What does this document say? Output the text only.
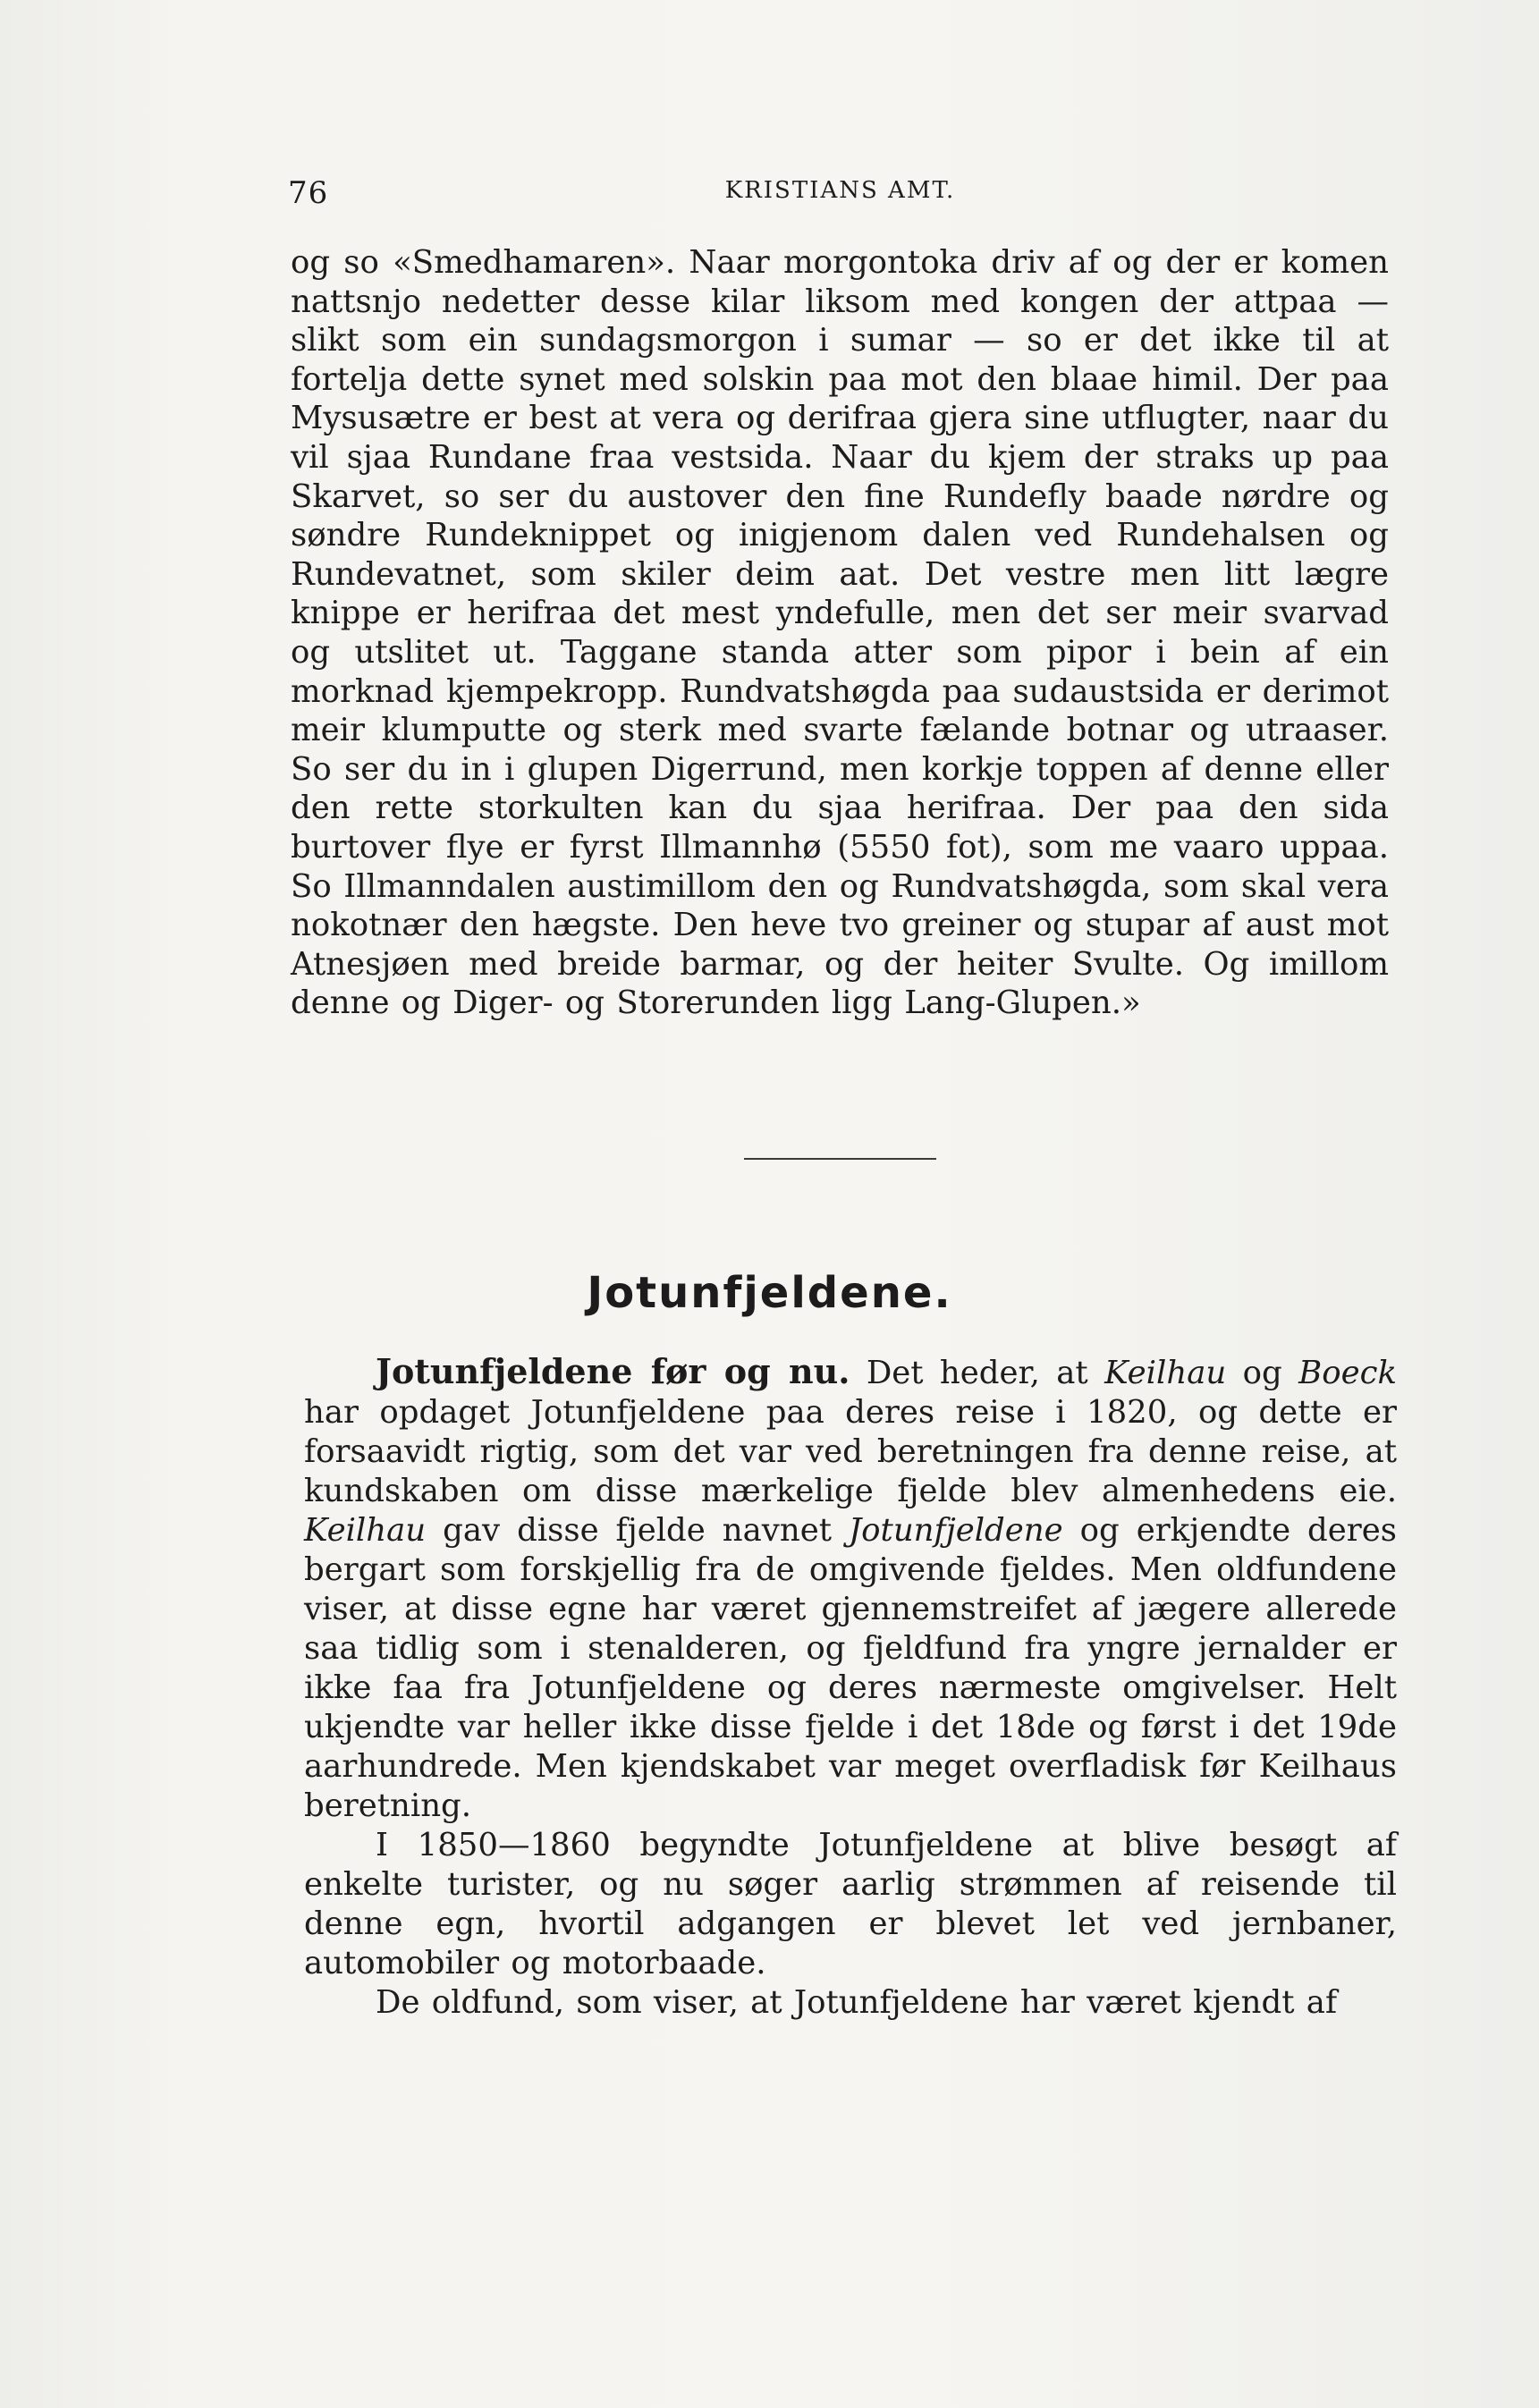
76	KRISTIANS AMT.

og so «Smedhamaren». Naar morgontoka driv af og der er komen nattsnjo nedetter desse kilar liksom med kongen der attpaa — slikt som ein sundagsmorgon i sumar — so er det ikke til at fortelja dette synet med solskin paa mot den blaae himil. Der paa Mysusætre er best at vera og derifraa gjera sine utflugter, naar du vil sjaa Rundane fraa vestsida. Naar du kjem der straks up paa Skarvet, so ser du austover den fine Rundefly baade nørdre og søndre Rundeknippet og inigjenom dalen ved Rundehalsen og Rundevatnet, som skiler deim aat. Det vestre men litt lægre knippe er herifraa det mest yndefulle, men det ser meir svarvad og utslitet ut. Taggane standa atter som pipor i bein af ein morknad kjempekropp. Rundvatshøgda paa sudaustsida er derimot meir klumputte og sterk med svarte fælande botnar og utraaser. So ser du in i glupen Digerrund, men korkje toppen af denne eller den rette storkulten kan du sjaa herifraa. Der paa den sida burtover flye er fyrst Illmannhø (5550 fot), som me vaaro uppaa. So Illmanndalen austimillom den og Rundvatshøgda, som skal vera nokotnær den hægste. Den heve tvo greiner og stupar af aust mot Atnesjøen med breide barmar, og der heiter Svulte. Og imillom denne og Diger- og Storerunden ligg Lang-Glupen.»

Jotunfjeldene.

Jotunfjeldene før og nu. Det heder, at Keilhau og Boeck har opdaget Jotunfjeldene paa deres reise i 1820, og dette er forsaavidt rigtig, som det var ved beretningen fra denne reise, at kundskaben om disse mærkelige fjelde blev almenhedens eie. Keilhau gav disse fjelde navnet Jotunfjeldene og erkjendte deres bergart som forskjellig fra de omgivende fjeldes. Men oldfundene viser, at disse egne har været gjennemstreifet af jægere allerede saa tidlig som i stenalderen, og fjeldfund fra yngre jernalder er ikke faa fra Jotunfjeldene og deres nærmeste omgivelser. Helt ukjendte var heller ikke disse fjelde i det 18de og først i det 19de aarhundrede. Men kjendskabet var meget overfladisk før Keilhaus beretning.

I 1850—1860 begyndte Jotunfjeldene at blive besøgt af enkelte turister, og nu søger aarlig strømmen af reisende til denne egn, hvortil adgangen er blevet let ved jernbaner, automobiler og motorbaade.

De oldfund, som viser, at Jotunfjeldene har været kjendt af
